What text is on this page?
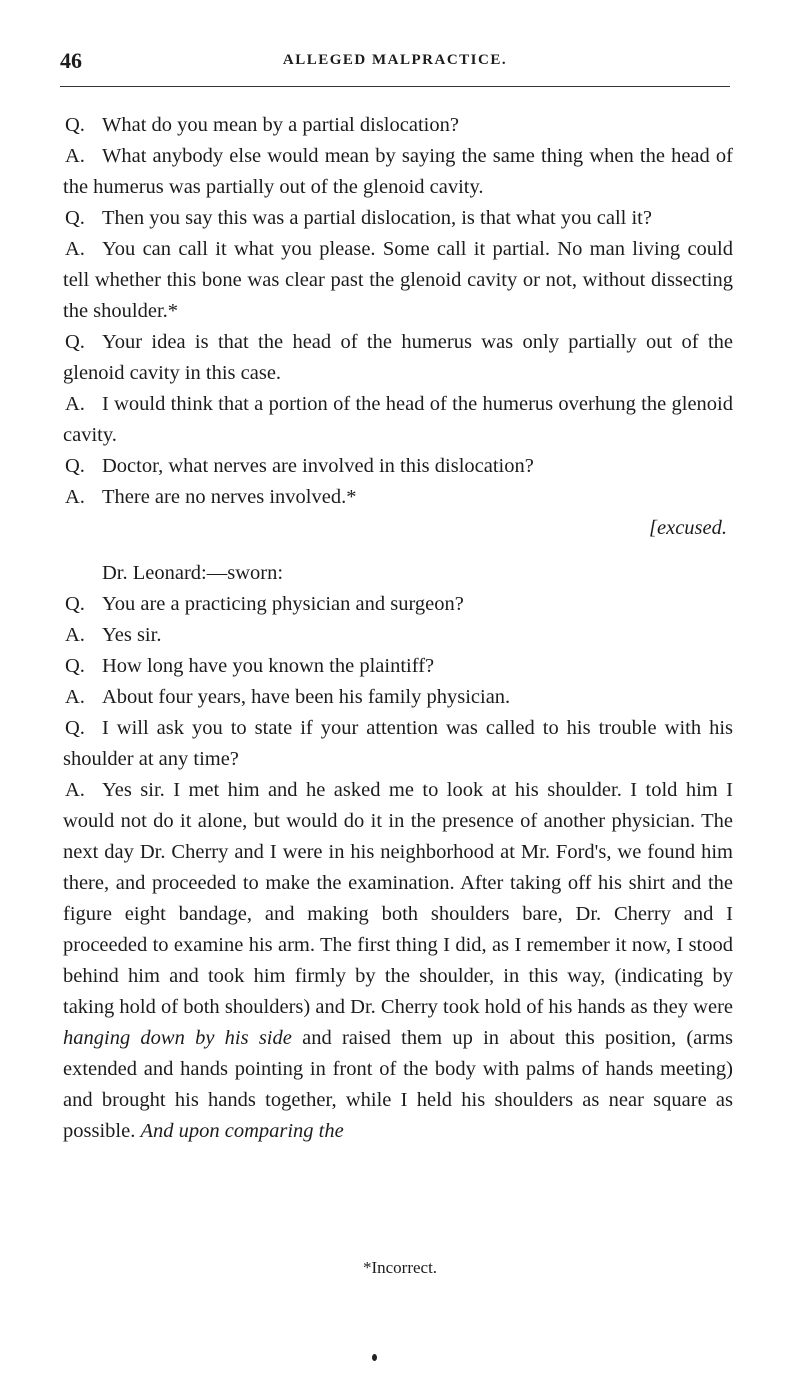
46	ALLEGED MALPRACTICE.

Q. What do you mean by a partial dislocation?

A. What anybody else would mean by saying the same thing when the head of the humerus was partially out of the glenoid cavity.

Q. Then you say this was a partial dislocation, is that what you call it?

A. You can call it what you please. Some call it partial. No man living could tell whether this bone was clear past the glenoid cavity or not, without dissecting the shoulder.*

Q. Your idea is that the head of the humerus was only partially out of the glenoid cavity in this case.

A. I would think that a portion of the head of the humerus overhung the glenoid cavity.

Q. Doctor, what nerves are involved in this dislocation?

A. There are no nerves involved.*

[excused.

Dr. Leonard:—sworn:

Q. You are a practicing physician and surgeon?

A. Yes sir.

Q. How long have you known the plaintiff?

A. About four years, have been his family physician.

Q. I will ask you to state if your attention was called to his trouble with his shoulder at any time?

A. Yes sir. I met him and he asked me to look at his shoulder. I told him I would not do it alone, but would do it in the presence of another physician. The next day Dr. Cherry and I were in his neighborhood at Mr. Ford's, we found him there, and proceeded to make the examination. After taking off his shirt and the figure eight bandage, and making both shoulders bare, Dr. Cherry and I proceeded to examine his arm. The first thing I did, as I remember it now, I stood behind him and took him firmly by the shoulder, in this way, (indicating by taking hold of both shoulders) and Dr. Cherry took hold of his hands as they were hanging down by his side and raised them up in about this position, (arms extended and hands pointing in front of the body with palms of hands meeting) and brought his hands together, while I held his shoulders as near square as possible. And upon comparing the

*Incorrect.
